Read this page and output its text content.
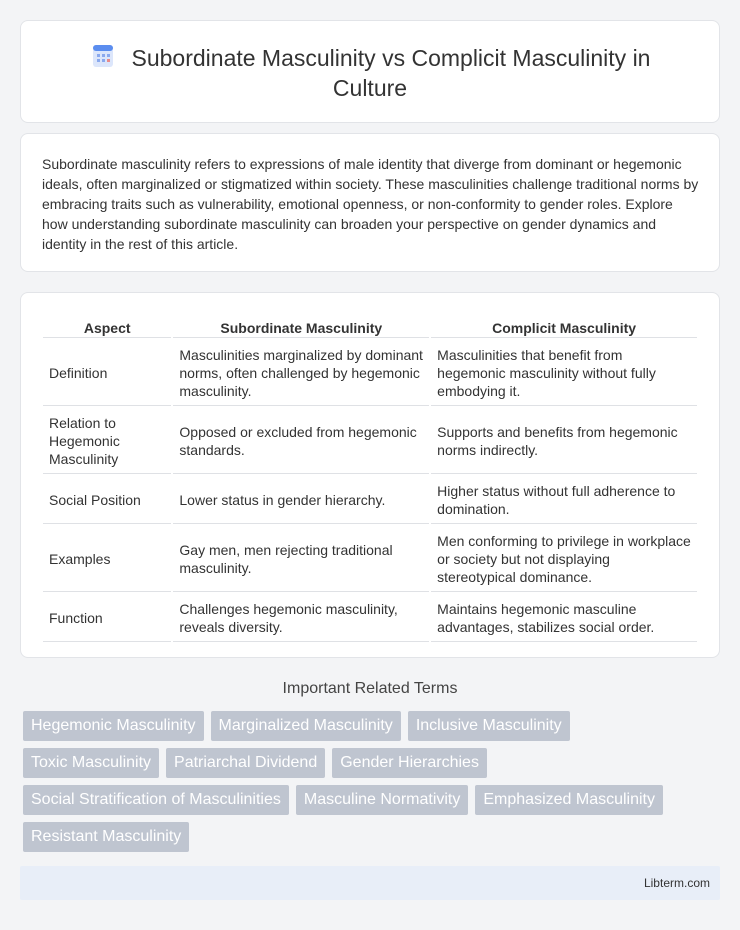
Subordinate Masculinity vs Complicit Masculinity in Culture

Subordinate masculinity refers to expressions of male identity that diverge from dominant or hegemonic ideals, often marginalized or stigmatized within society. These masculinities challenge traditional norms by embracing traits such as vulnerability, emotional openness, or non-conformity to gender roles. Explore how understanding subordinate masculinity can broaden your perspective on gender dynamics and identity in the rest of this article.

Aspect	Subordinate Masculinity	Complicit Masculinity
Definition	Masculinities marginalized by dominant norms, often challenged by hegemonic masculinity.	Masculinities that benefit from hegemonic masculinity without fully embodying it.
Relation to Hegemonic Masculinity	Opposed or excluded from hegemonic standards.	Supports and benefits from hegemonic norms indirectly.
Social Position	Lower status in gender hierarchy.	Higher status without full adherence to domination.
Examples	Gay men, men rejecting traditional masculinity.	Men conforming to privilege in workplace or society but not displaying stereotypical dominance.
Function	Challenges hegemonic masculinity, reveals diversity.	Maintains hegemonic masculine advantages, stabilizes social order.
Important Related Terms
Hegemonic Masculinity	Marginalized Masculinity	Inclusive Masculinity
Toxic Masculinity	Patriarchal Dividend	Gender Hierarchies
Social Stratification of Masculinities	Masculine Normativity	Emphasized Masculinity
Resistant Masculinity
Libterm.com
